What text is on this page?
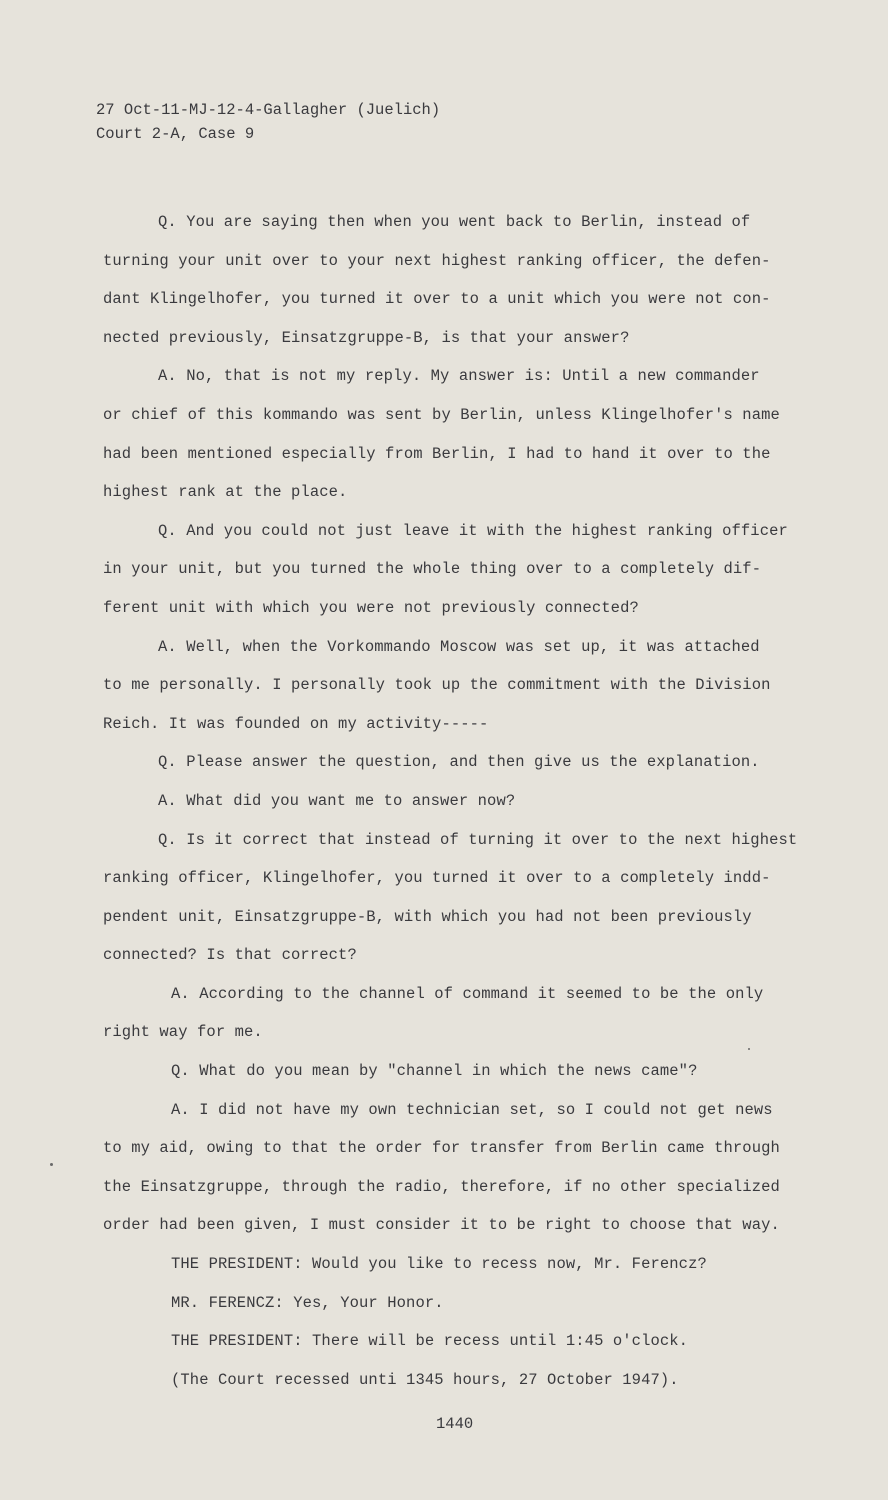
27 Oct-11-MJ-12-4-Gallagher (Juelich)
Court 2-A, Case 9
Q. You are saying then when you went back to Berlin, instead of
turning your unit over to your next highest ranking officer, the defen-
dant Klingelhofer, you turned it over to a unit which you were not con-
nected previously, Einsatzgruppe-B, is that your answer?
A. No, that is not my reply. My answer is: Until a new commander
or chief of this kommando was sent by Berlin, unless Klingelhofer's name
had been mentioned especially from Berlin, I had to hand it over to the
highest rank at the place.
Q. And you could not just leave it with the highest ranking officer
in your unit, but you turned the whole thing over to a completely dif-
ferent unit with which you were not previously connected?
A. Well, when the Vorkommando Moscow was set up, it was attached
to me personally. I personally took up the commitment with the Division
Reich. It was founded on my activity-----
Q. Please answer the question, and then give us the explanation.
A. What did you want me to answer now?
Q. Is it correct that instead of turning it over to the next highest
ranking officer, Klingelhofer, you turned it over to a completely indd-
pendent unit, Einsatzgruppe-B, with which you had not been previously
connected? Is that correct?
A. According to the channel of command it seemed to be the only
right way for me.
Q. What do you mean by "channel in which the news came"?
A. I did not have my own technician set, so I could not get news
to my aid, owing to that the order for transfer from Berlin came through
the Einsatzgruppe, through the radio, therefore, if no other specialized
order had been given, I must consider it to be right to choose that way.
THE PRESIDENT: Would you like to recess now, Mr. Ferencz?
MR. FERENCZ: Yes, Your Honor.
THE PRESIDENT: There will be recess until 1:45 o'clock.
(The Court recessed unti 1345 hours, 27 October 1947).
1440
